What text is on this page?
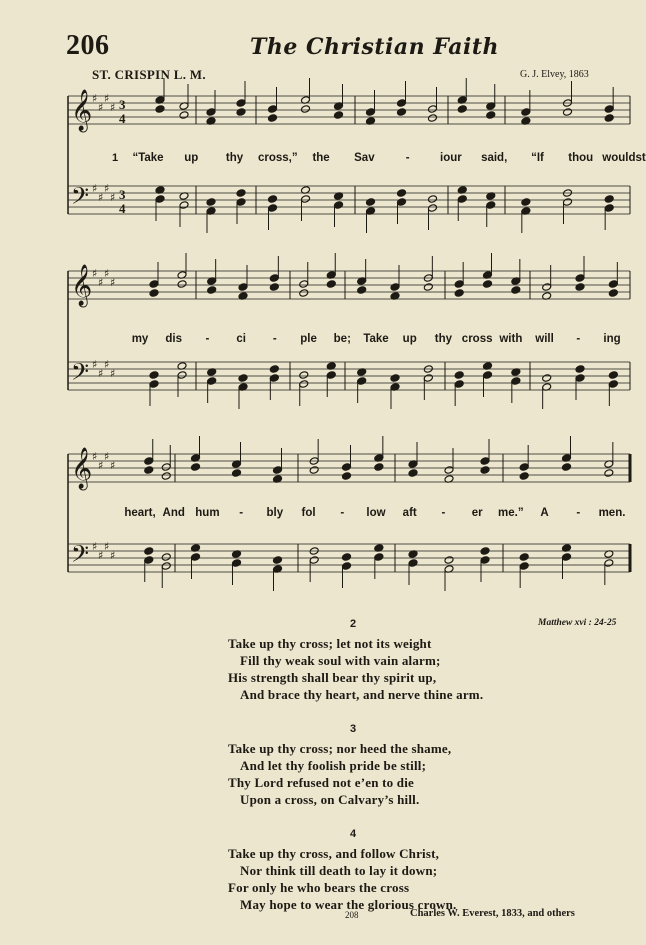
206	The Christian Faith
ST. CRISPIN L. M.	G. J. Elvey, 1863
𝄞 ♯
♯
♯
♯ 3
4
𝄢 ♯
♯
♯
♯ 3
4
𝄞 ♯
♯
♯
♯
𝄢 ♯
♯
♯
♯
𝄞 ♯
♯
♯
♯
𝄢 ♯
♯
♯
♯
1 “Take up thy cross,” the Sav	-	iour said, “If thou wouldst
my dis - ci - ple be; Take up thy cross with will - ing
heart, And hum - bly fol - low aft - er me.” A - men.
Matthew xvi : 24-25
2
Take up thy cross; let not its weight
Fill thy weak soul with vain alarm;
His strength shall bear thy spirit up,
And brace thy heart, and nerve thine arm.
3
Take up thy cross; nor heed the shame,
And let thy foolish pride be still;
Thy Lord refused not e’en to die
Upon a cross, on Calvary’s hill.
4
Take up thy cross, and follow Christ,
Nor think till death to lay it down;
For only he who bears the cross
May hope to wear the glorious crown.
208	Charles W. Everest, 1833, and others
